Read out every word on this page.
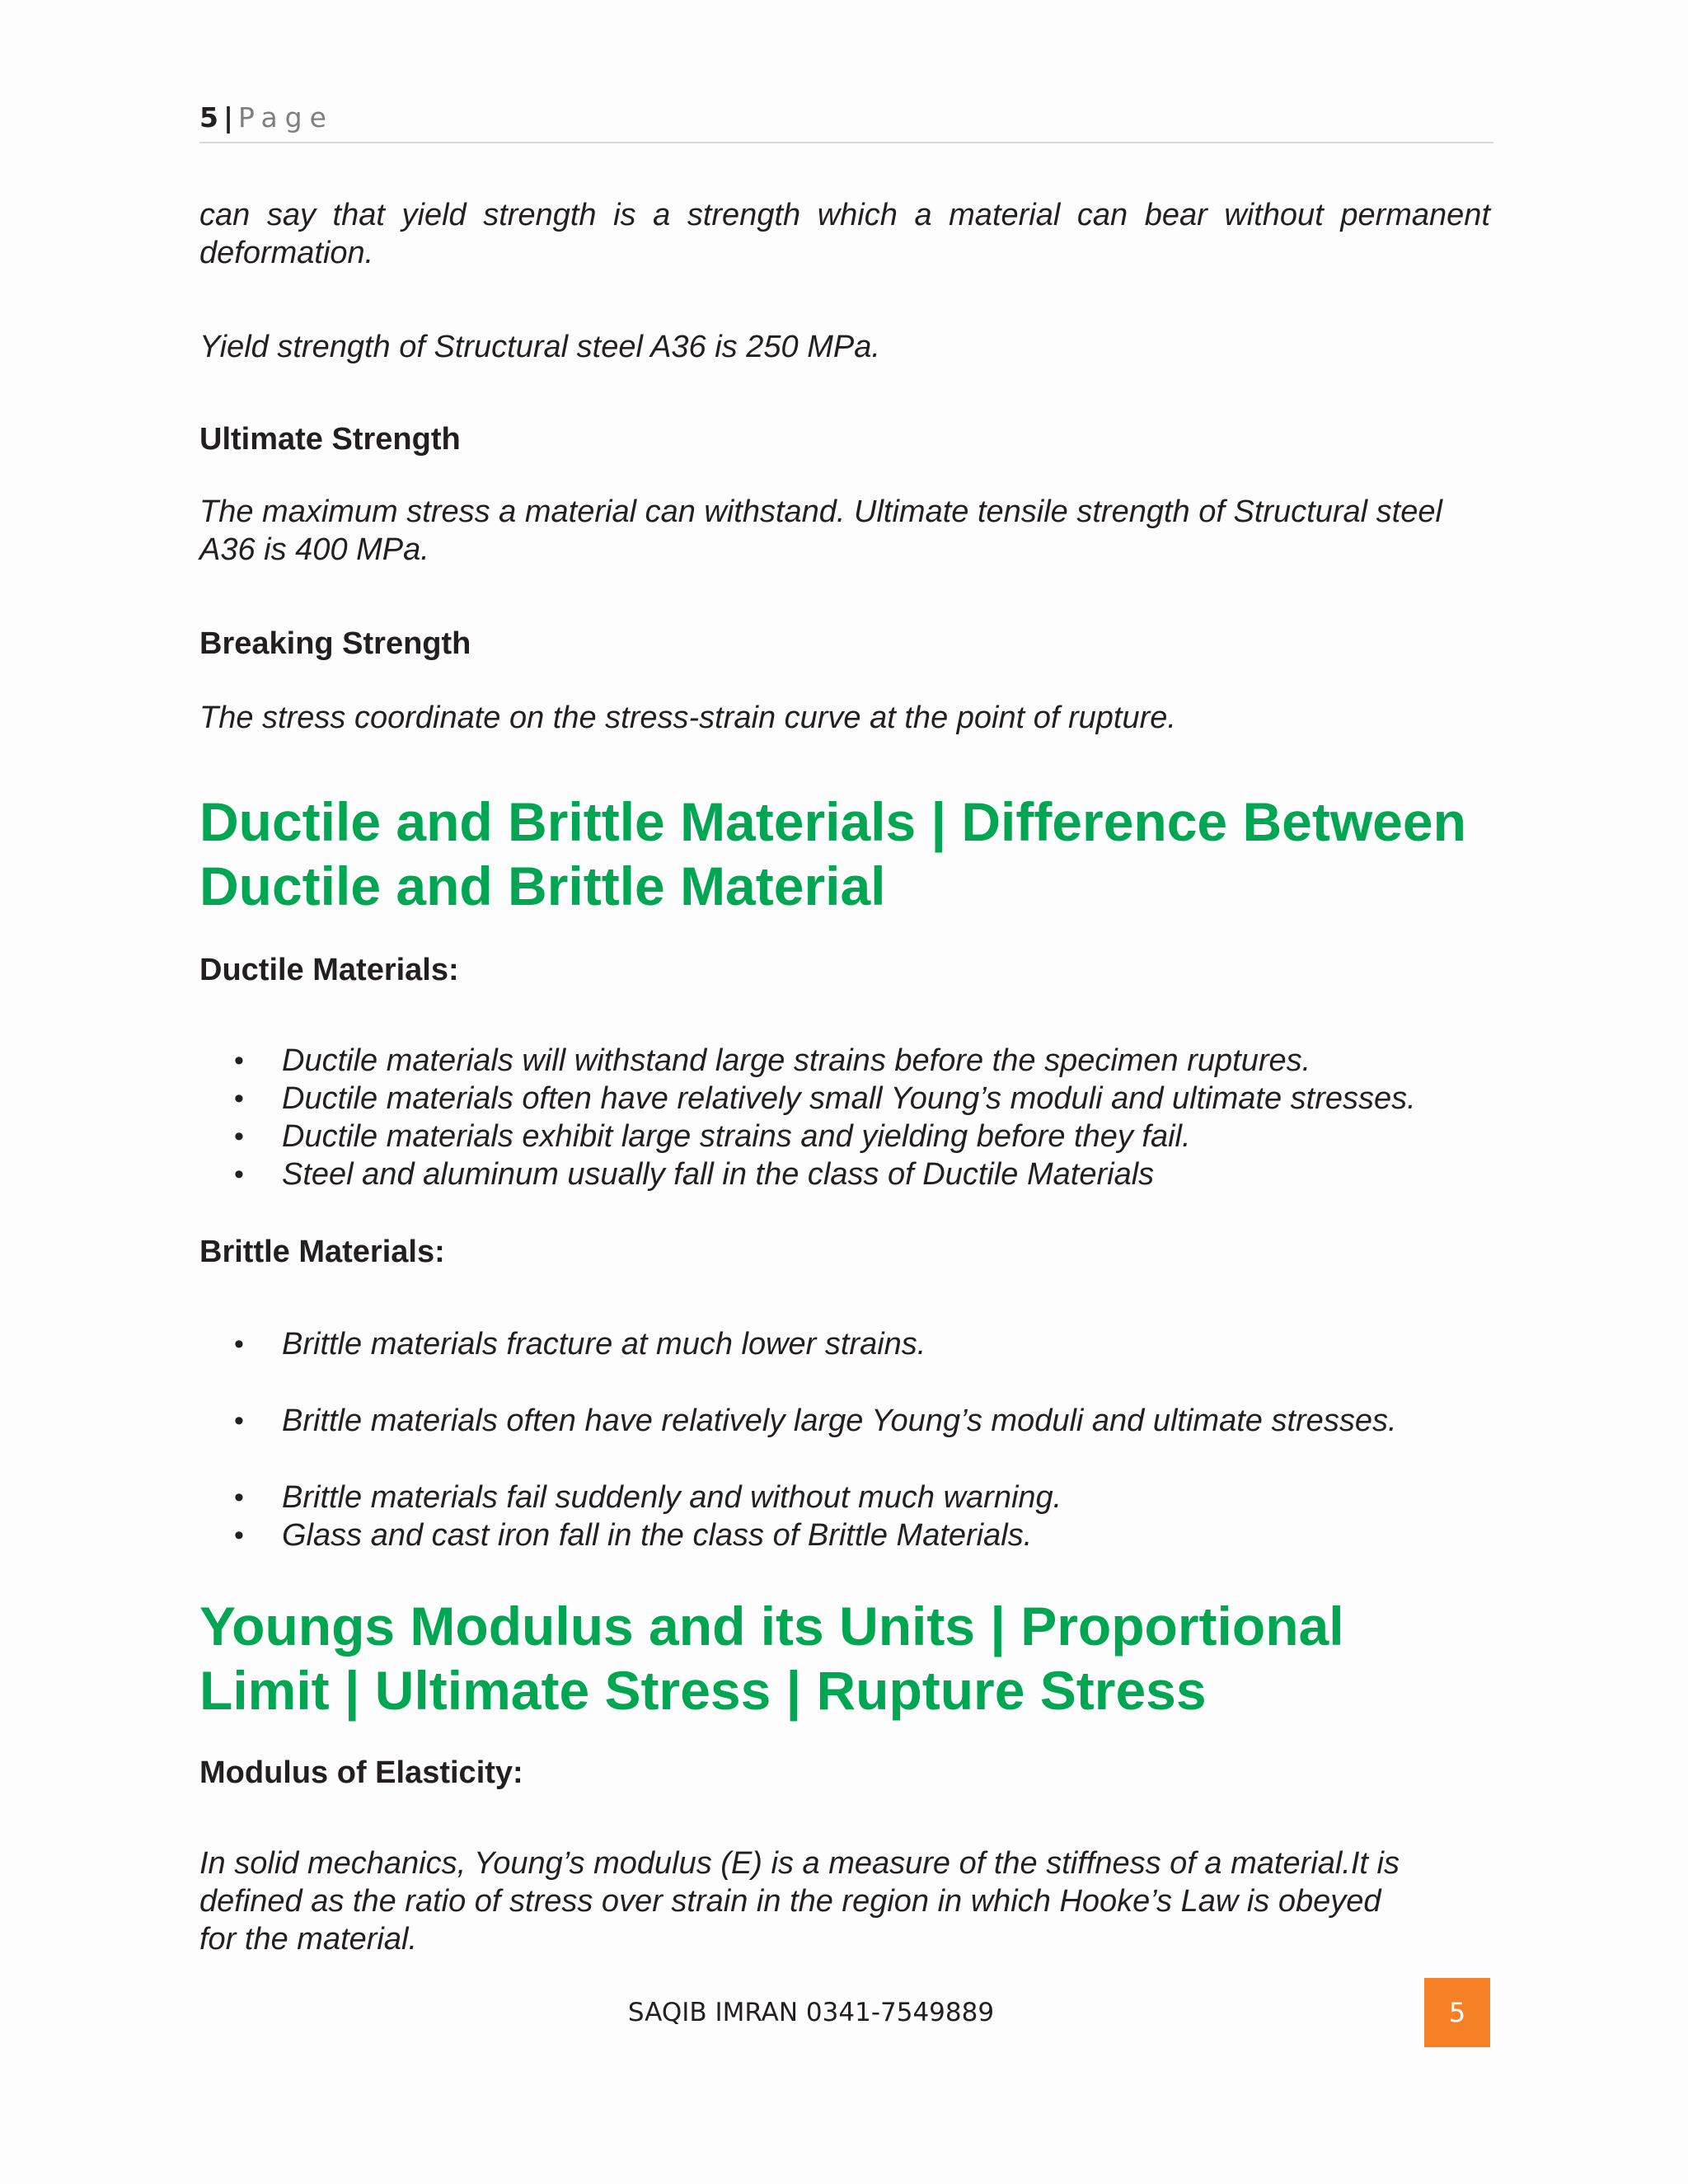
5 | Page

can say that yield strength is a strength which a material can bear without permanent deformation.

Yield strength of Structural steel A36 is 250 MPa.

Ultimate Strength

The maximum stress a material can withstand. Ultimate tensile strength of Structural steel A36 is 400 MPa.

Breaking Strength

The stress coordinate on the stress-strain curve at the point of rupture.

Ductile and Brittle Materials | Difference Between
Ductile and Brittle Material

Ductile Materials:

• Ductile materials will withstand large strains before the specimen ruptures.
• Ductile materials often have relatively small Young’s moduli and ultimate stresses.
• Ductile materials exhibit large strains and yielding before they fail.
• Steel and aluminum usually fall in the class of Ductile Materials

Brittle Materials:

• Brittle materials fracture at much lower strains.
• Brittle materials often have relatively large Young’s moduli and ultimate stresses.
• Brittle materials fail suddenly and without much warning.
• Glass and cast iron fall in the class of Brittle Materials.
Youngs Modulus and its Units | Proportional
Limit | Ultimate Stress | Rupture Stress

Modulus of Elasticity:

In solid mechanics, Young’s modulus (E) is a measure of the stiffness of a material.It is
defined as the ratio of stress over strain in the region in which Hooke’s Law is obeyed
for the material.
SAQIB IMRAN 0341-7549889	5
